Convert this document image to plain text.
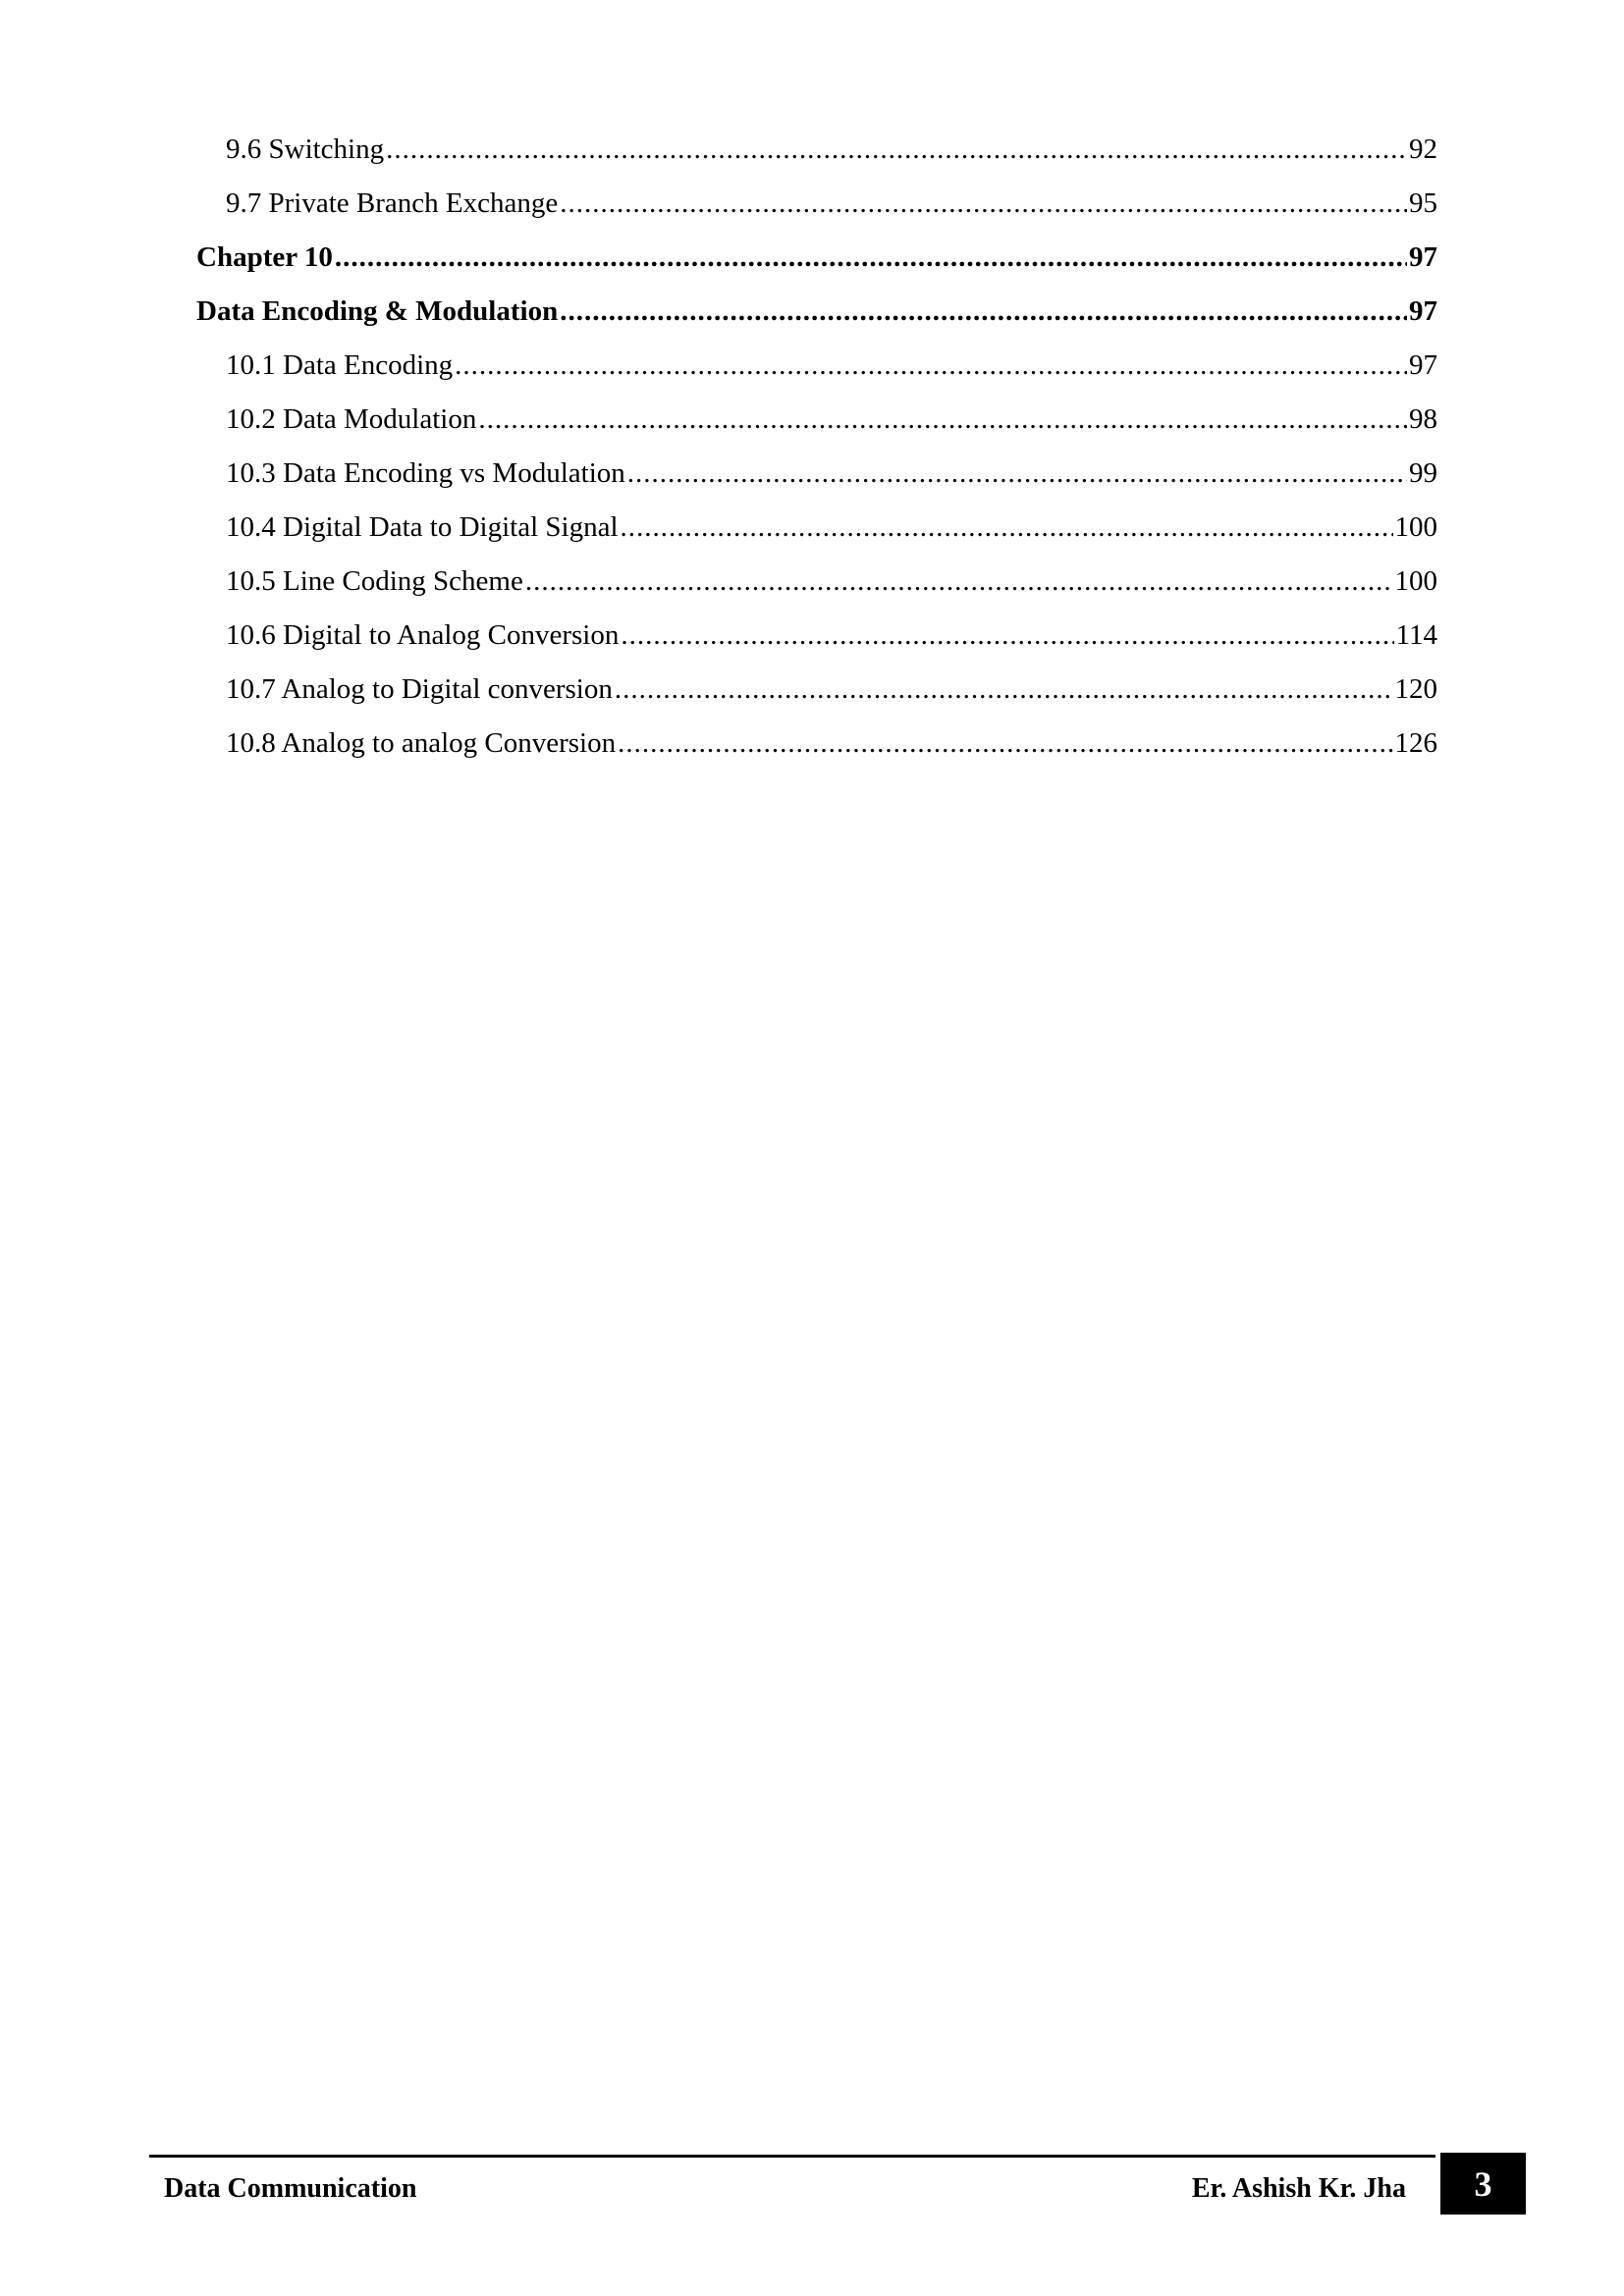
9.6 Switching .....	92
9.7 Private Branch Exchange .....	95
Chapter 10 .....	97
Data Encoding & Modulation .....	97
10.1 Data Encoding .....	97
10.2 Data Modulation .....	98
10.3 Data Encoding vs Modulation .....	99
10.4 Digital Data to Digital Signal .....	100
10.5 Line Coding Scheme .....	100
10.6 Digital to Analog Conversion .....	114
10.7 Analog to Digital conversion .....	120
10.8 Analog to analog Conversion .....	126
Data Communication	Er. Ashish Kr. Jha 3
